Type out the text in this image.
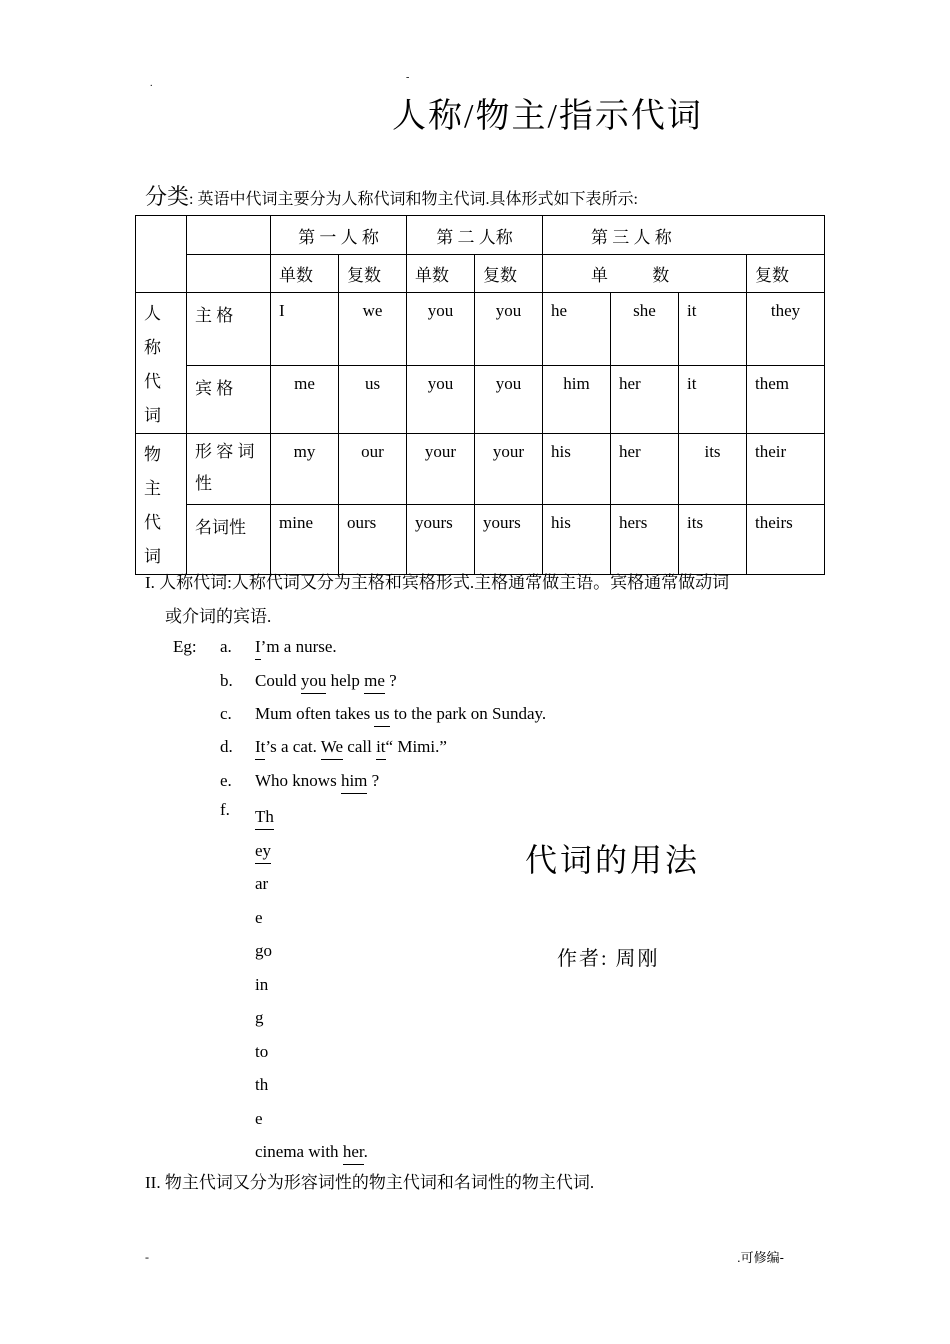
.
-
人称/物主/指示代词
分类: 英语中代词主要分为人称代词和物主代词.具体形式如下表所示:
		第 一 人 称		第 二 人称		第 三 人 称			
		单数	复数	单数	复数	单 数			复数

人
称
代
词	主 格	I	we	you	you	he	she	it	they
	宾 格	me	us	you	you	him	her	it	them

物
主
代
词	形 容 词性	my	our	your	your	his	her	its	their
	名词性	mine	ours	yours	yours	his	hers	its	theirs
I. 人称代词:人称代词又分为主格和宾格形式.主格通常做主语。宾格通常做动词
或介词的宾语.
Eg: a. I’m a nurse.
b. Could you help me ?
c. Mum often takes us to the park on Sunday.
d. It’s a cat. We call it“ Mimi.”
e. Who knows him ?
f. Th
ey
ar
e
go
in
g
to
th
e
cinema with her.
代词的用法
作者: 周刚
II. 物主代词又分为形容词性的物主代词和名词性的物主代词.
-	.可修编-
